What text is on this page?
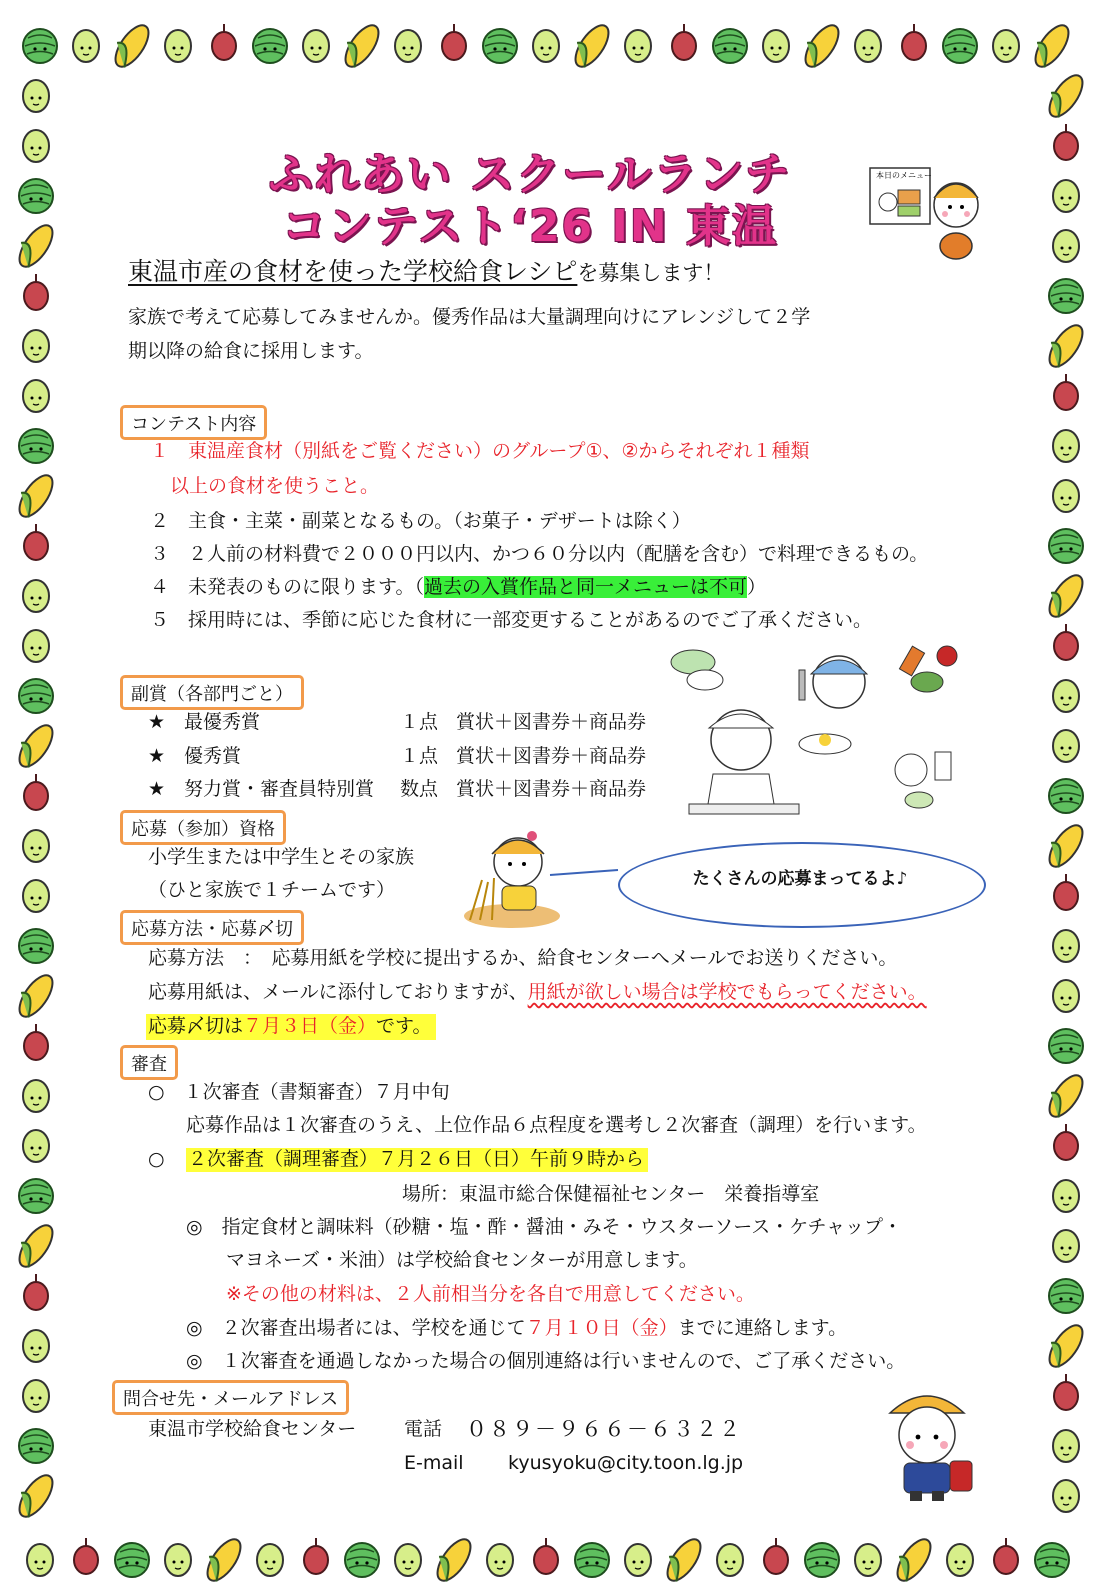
ふれあい スクールランチ
コンテスト‘26 IN 東温
本日のメニュー
東温市産の食材を使った学校給食レシピを募集します！
家族で考えて応募してみませんか。優秀作品は大量調理向けにアレンジして２学
期以降の給食に採用します。
コンテスト内容
１　東温産食材（別紙をご覧ください）のグループ①、②からそれぞれ１種類
以上の食材を使うこと。
２　主食・主菜・副菜となるもの。（お菓子・デザートは除く）
３　２人前の材料費で２０００円以内、かつ６０分以内（配膳を含む）で料理できるもの。
４　未発表のものに限ります。（過去の入賞作品と同一メニューは不可）
５　採用時には、季節に応じた食材に一部変更することがあるのでご了承ください。
副賞（各部門ごと）
★　最優秀賞	１点 賞状＋図書券＋商品券
★　優秀賞	１点 賞状＋図書券＋商品券
★　努力賞・審査員特別賞 数点 賞状＋図書券＋商品券
応募（参加）資格
小学生または中学生とその家族
（ひと家族で１チームです）	たくさんの応募まってるよ♪
応募方法・応募〆切
応募方法　：　応募用紙を学校に提出するか、給食センターへメールでお送りください。
応募用紙は、メールに添付しておりますが、用紙が欲しい場合は学校でもらってください。
応募〆切は７月３日（金）です。
審査
○　１次審査（書類審査）７月中旬
応募作品は１次審査のうえ、上位作品６点程度を選考し２次審査（調理）を行います。
○ ２次審査（調理審査）７月２６日（日）午前９時から
場所：東温市総合保健福祉センター　栄養指導室
◎　指定食材と調味料（砂糖・塩・酢・醤油・みそ・ウスターソース・ケチャップ・
マヨネーズ・米油）は学校給食センターが用意します。
※その他の材料は、２人前相当分を各自で用意してください。
◎　２次審査出場者には、学校を通じて７月１０日（金）までに連絡します。
◎　１次審査を通過しなかった場合の個別連絡は行いませんので、ご了承ください。
問合せ先・メールアドレス
東温市学校給食センター	電話 ０８９－９６６－６３２２
E-mail kyusyoku@city.toon.lg.jp
